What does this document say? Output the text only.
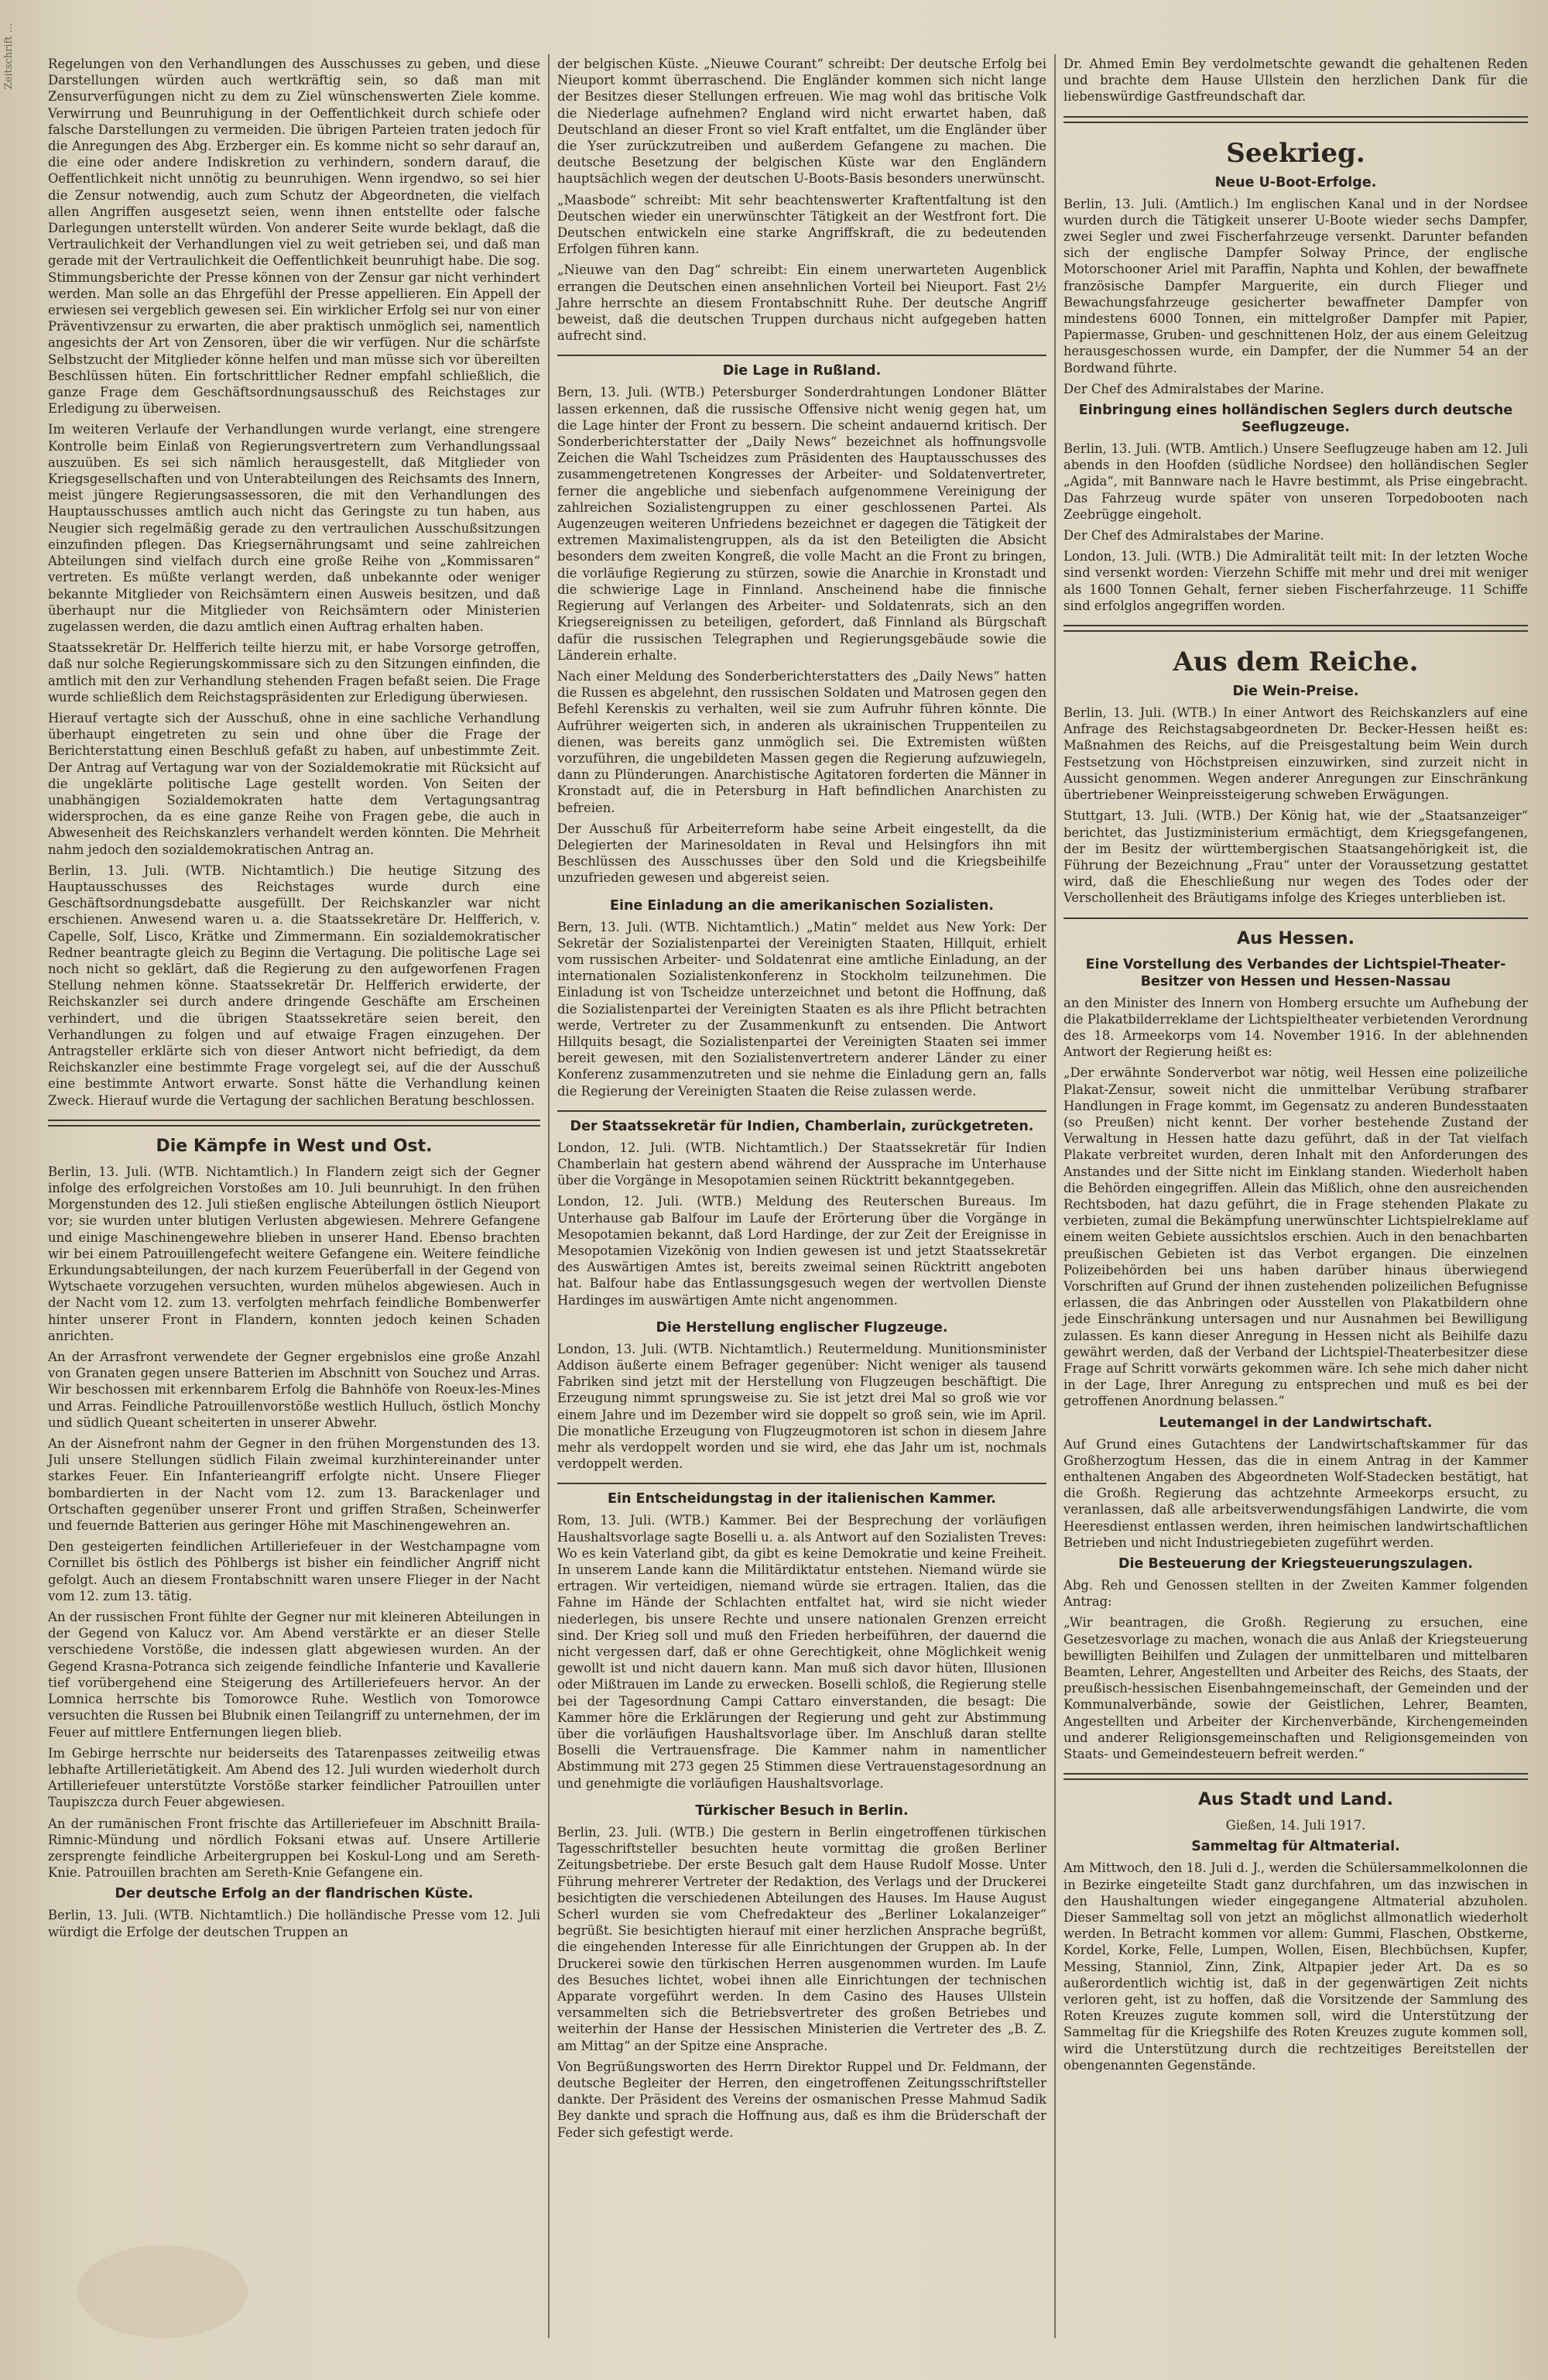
Zeitschrift ...	Regelungen von den Verhandlungen des Ausschusses zu geben, und diese Darstellungen würden auch wertkräftig sein, so daß man mit Zensurverfügungen nicht zu dem zu Ziel wünschenswerten Ziele komme. Verwirrung und Beunruhigung in der Oeffentlichkeit durch schiefe oder falsche Darstellungen zu vermeiden. Die übrigen Parteien traten jedoch für die Anregungen des Abg. Erzberger ein. Es komme nicht so sehr darauf an, die eine oder andere Indiskretion zu verhindern, sondern darauf, die Oeffentlichkeit nicht unnötig zu beunruhigen. Wenn irgendwo, so sei hier die Zensur notwendig, auch zum Schutz der Abgeordneten, die vielfach allen Angriffen ausgesetzt seien, wenn ihnen entstellte oder falsche Darlegungen unterstellt würden. Von anderer Seite wurde beklagt, daß die Vertraulichkeit der Verhandlungen viel zu weit getrieben sei, und daß man gerade mit der Vertraulichkeit die Oeffentlichkeit beunruhigt habe. Die sog. Stimmungsberichte der Presse können von der Zensur gar nicht verhindert werden. Man solle an das Ehrgefühl der Presse appellieren. Ein Appell der erwiesen sei vergeblich gewesen sei. Ein wirklicher Erfolg sei nur von einer Präventivzensur zu erwarten, die aber praktisch unmöglich sei, namentlich angesichts der Art von Zensoren, über die wir verfügen. Nur die schärfste Selbstzucht der Mitglieder könne helfen und man müsse sich vor übereilten Beschlüssen hüten. Ein fortschrittlicher Redner empfahl schließlich, die ganze Frage dem Geschäftsordnungsausschuß des Reichstages zur Erledigung zu überweisen.

Im weiteren Verlaufe der Verhandlungen wurde verlangt, eine strengere Kontrolle beim Einlaß von Regierungsvertretern zum Verhandlungssaal auszuüben. Es sei sich nämlich herausgestellt, daß Mitglieder von Kriegsgesellschaften und von Unterabteilungen des Reichsamts des Innern, meist jüngere Regierungsassessoren, die mit den Verhandlungen des Hauptausschusses amtlich auch nicht das Geringste zu tun haben, aus Neugier sich regelmäßig gerade zu den vertraulichen Ausschußsitzungen einzufinden pflegen. Das Kriegsernährungsamt und seine zahlreichen Abteilungen sind vielfach durch eine große Reihe von „Kommissaren“ vertreten. Es müßte verlangt werden, daß unbekannte oder weniger bekannte Mitglieder von Reichsämtern einen Ausweis besitzen, und daß überhaupt nur die Mitglieder von Reichsämtern oder Ministerien zugelassen werden, die dazu amtlich einen Auftrag erhalten haben.

Staatssekretär Dr. Helfferich teilte hierzu mit, er habe Vorsorge getroffen, daß nur solche Regierungskommissare sich zu den Sitzungen einfinden, die amtlich mit den zur Verhandlung stehenden Fragen befaßt seien. Die Frage wurde schließlich dem Reichstagspräsidenten zur Erledigung überwiesen.

Hierauf vertagte sich der Ausschuß, ohne in eine sachliche Verhandlung überhaupt eingetreten zu sein und ohne über die Frage der Berichterstattung einen Beschluß gefaßt zu haben, auf unbestimmte Zeit. Der Antrag auf Vertagung war von der Sozialdemokratie mit Rücksicht auf die ungeklärte politische Lage gestellt worden. Von Seiten der unabhängigen Sozialdemokraten hatte dem Vertagungsantrag widersprochen, da es eine ganze Reihe von Fragen gebe, die auch in Abwesenheit des Reichskanzlers verhandelt werden könnten. Die Mehrheit nahm jedoch den sozialdemokratischen Antrag an.

Berlin, 13. Juli. (WTB. Nichtamtlich.) Die heutige Sitzung des Hauptausschusses des Reichstages wurde durch eine Geschäftsordnungsdebatte ausgefüllt. Der Reichskanzler war nicht erschienen. Anwesend waren u. a. die Staatssekretäre Dr. Helfferich, v. Capelle, Solf, Lisco, Krätke und Zimmermann. Ein sozialdemokratischer Redner beantragte gleich zu Beginn die Vertagung. Die politische Lage sei noch nicht so geklärt, daß die Regierung zu den aufgeworfenen Fragen Stellung nehmen könne. Staatssekretär Dr. Helfferich erwiderte, der Reichskanzler sei durch andere dringende Geschäfte am Erscheinen verhindert, und die übrigen Staatssekretäre seien bereit, den Verhandlungen zu folgen und auf etwaige Fragen einzugehen. Der Antragsteller erklärte sich von dieser Antwort nicht befriedigt, da dem Reichskanzler eine bestimmte Frage vorgelegt sei, auf die der Ausschuß eine bestimmte Antwort erwarte. Sonst hätte die Verhandlung keinen Zweck. Hierauf wurde die Vertagung der sachlichen Beratung beschlossen.

Die Kämpfe in West und Ost.

Berlin, 13. Juli. (WTB. Nichtamtlich.) In Flandern zeigt sich der Gegner infolge des erfolgreichen Vorstoßes am 10. Juli beunruhigt. In den frühen Morgenstunden des 12. Juli stießen englische Abteilungen östlich Nieuport vor; sie wurden unter blutigen Verlusten abgewiesen. Mehrere Gefangene und einige Maschinengewehre blieben in unserer Hand. Ebenso brachten wir bei einem Patrouillengefecht weitere Gefangene ein. Weitere feindliche Erkundungsabteilungen, der nach kurzem Feuerüberfall in der Gegend von Wytschaete vorzugehen versuchten, wurden mühelos abgewiesen. Auch in der Nacht vom 12. zum 13. verfolgten mehrfach feindliche Bombenwerfer hinter unserer Front in Flandern, konnten jedoch keinen Schaden anrichten.

An der Arrasfront verwendete der Gegner ergebnislos eine große Anzahl von Granaten gegen unsere Batterien im Abschnitt von Souchez und Arras. Wir beschossen mit erkennbarem Erfolg die Bahnhöfe von Roeux-les-Mines und Arras. Feindliche Patrouillenvorstöße westlich Hulluch, östlich Monchy und südlich Queant scheiterten in unserer Abwehr.

An der Aisnefront nahm der Gegner in den frühen Morgenstunden des 13. Juli unsere Stellungen südlich Filain zweimal kurzhintereinander unter starkes Feuer. Ein Infanterieangriff erfolgte nicht. Unsere Flieger bombardierten in der Nacht vom 12. zum 13. Barackenlager und Ortschaften gegenüber unserer Front und griffen Straßen, Scheinwerfer und feuernde Batterien aus geringer Höhe mit Maschinengewehren an.

Den gesteigerten feindlichen Artilleriefeuer in der Westchampagne vom Cornillet bis östlich des Pöhlbergs ist bisher ein feindlicher Angriff nicht gefolgt. Auch an diesem Frontabschnitt waren unsere Flieger in der Nacht vom 12. zum 13. tätig.

An der russischen Front fühlte der Gegner nur mit kleineren Abteilungen in der Gegend von Kalucz vor. Am Abend verstärkte er an dieser Stelle verschiedene Vorstöße, die indessen glatt abgewiesen wurden. An der Gegend Krasna-Potranca sich zeigende feindliche Infanterie und Kavallerie tief vorübergehend eine Steigerung des Artilleriefeuers hervor. An der Lomnica herrschte bis Tomorowce Ruhe. Westlich von Tomorowce versuchten die Russen bei Blubnik einen Teilangriff zu unternehmen, der im Feuer auf mittlere Entfernungen liegen blieb.

Im Gebirge herrschte nur beiderseits des Tatarenpasses zeitweilig etwas lebhafte Artillerietätigkeit. Am Abend des 12. Juli wurden wiederholt durch Artilleriefeuer unterstützte Vorstöße starker feindlicher Patrouillen unter Taupiszcza durch Feuer abgewiesen.

An der rumänischen Front frischte das Artilleriefeuer im Abschnitt Braila-Rimnic-Mündung und nördlich Foksani etwas auf. Unsere Artillerie zersprengte feindliche Arbeitergruppen bei Koskul-Long und am Sereth-Knie. Patrouillen brachten am Sereth-Knie Gefangene ein.

Der deutsche Erfolg an der flandrischen Küste.

Berlin, 13. Juli. (WTB. Nichtamtlich.) Die holländische Presse vom 12. Juli würdigt die Erfolge der deutschen Truppen an

der belgischen Küste. „Nieuwe Courant“ schreibt: Der deutsche Erfolg bei Nieuport kommt überraschend. Die Engländer kommen sich nicht lange der Besitzes dieser Stellungen erfreuen. Wie mag wohl das britische Volk die Niederlage aufnehmen? England wird nicht erwartet haben, daß Deutschland an dieser Front so viel Kraft entfaltet, um die Engländer über die Yser zurückzutreiben und außerdem Gefangene zu machen. Die deutsche Besetzung der belgischen Küste war den Engländern hauptsächlich wegen der deutschen U-Boots-Basis besonders unerwünscht.

„Maasbode“ schreibt: Mit sehr beachtenswerter Kraftentfaltung ist den Deutschen wieder ein unerwünschter Tätigkeit an der Westfront fort. Die Deutschen entwickeln eine starke Angriffskraft, die zu bedeutenden Erfolgen führen kann.

„Nieuwe van den Dag“ schreibt: Ein einem unerwarteten Augenblick errangen die Deutschen einen ansehnlichen Vorteil bei Nieuport. Fast 2½ Jahre herrschte an diesem Frontabschnitt Ruhe. Der deutsche Angriff beweist, daß die deutschen Truppen durchaus nicht aufgegeben hatten aufrecht sind.

Die Lage in Rußland.

Bern, 13. Juli. (WTB.) Petersburger Sonderdrahtungen Londoner Blätter lassen erkennen, daß die russische Offensive nicht wenig gegen hat, um die Lage hinter der Front zu bessern. Die scheint andauernd kritisch. Der Sonderberichterstatter der „Daily News“ bezeichnet als hoffnungsvolle Zeichen die Wahl Tscheidzes zum Präsidenten des Hauptausschusses des zusammengetretenen Kongresses der Arbeiter- und Soldatenvertreter, ferner die angebliche und siebenfach aufgenommene Vereinigung der zahlreichen Sozialistengruppen zu einer geschlossenen Partei. Als Augenzeugen weiteren Unfriedens bezeichnet er dagegen die Tätigkeit der extremen Maximalistengruppen, als da ist den Beteiligten die Absicht besonders dem zweiten Kongreß, die volle Macht an die Front zu bringen, die vorläufige Regierung zu stürzen, sowie die Anarchie in Kronstadt und die schwierige Lage in Finnland. Anscheinend habe die finnische Regierung auf Verlangen des Arbeiter- und Soldatenrats, sich an den Kriegsereignissen zu beteiligen, gefordert, daß Finnland als Bürgschaft dafür die russischen Telegraphen und Regierungsgebäude sowie die Länderein erhalte.

Nach einer Meldung des Sonderberichterstatters des „Daily News“ hatten die Russen es abgelehnt, den russischen Soldaten und Matrosen gegen den Befehl Kerenskis zu verhalten, weil sie zum Aufruhr führen könnte. Die Aufrührer weigerten sich, in anderen als ukrainischen Truppenteilen zu dienen, was bereits ganz unmöglich sei. Die Extremisten wüßten vorzuführen, die ungebildeten Massen gegen die Regierung aufzuwiegeln, dann zu Plünderungen. Anarchistische Agitatoren forderten die Männer in Kronstadt auf, die in Petersburg in Haft befindlichen Anarchisten zu befreien.

Der Ausschuß für Arbeiterreform habe seine Arbeit eingestellt, da die Delegierten der Marinesoldaten in Reval und Helsingfors ihn mit Beschlüssen des Ausschusses über den Sold und die Kriegsbeihilfe unzufrieden gewesen und abgereist seien.

Eine Einladung an die amerikanischen Sozialisten.

Bern, 13. Juli. (WTB. Nichtamtlich.) „Matin“ meldet aus New York: Der Sekretär der Sozialistenpartei der Vereinigten Staaten, Hillquit, erhielt vom russischen Arbeiter- und Soldatenrat eine amtliche Einladung, an der internationalen Sozialistenkonferenz in Stockholm teilzunehmen. Die Einladung ist von Tscheidze unterzeichnet und betont die Hoffnung, daß die Sozialistenpartei der Vereinigten Staaten es als ihre Pflicht betrachten werde, Vertreter zu der Zusammenkunft zu entsenden. Die Antwort Hillquits besagt, die Sozialistenpartei der Vereinigten Staaten sei immer bereit gewesen, mit den Sozialistenvertretern anderer Länder zu einer Konferenz zusammenzutreten und sie nehme die Einladung gern an, falls die Regierung der Vereinigten Staaten die Reise zulassen werde.

Der Staatssekretär für Indien, Chamberlain, zurückgetreten.

London, 12. Juli. (WTB. Nichtamtlich.) Der Staatssekretär für Indien Chamberlain hat gestern abend während der Aussprache im Unterhause über die Vorgänge in Mesopotamien seinen Rücktritt bekanntgegeben.

London, 12. Juli. (WTB.) Meldung des Reuterschen Bureaus. Im Unterhause gab Balfour im Laufe der Erörterung über die Vorgänge in Mesopotamien bekannt, daß Lord Hardinge, der zur Zeit der Ereignisse in Mesopotamien Vizekönig von Indien gewesen ist und jetzt Staatssekretär des Auswärtigen Amtes ist, bereits zweimal seinen Rücktritt angeboten hat. Balfour habe das Entlassungsgesuch wegen der wertvollen Dienste Hardinges im auswärtigen Amte nicht angenommen.

Die Herstellung englischer Flugzeuge.

London, 13. Juli. (WTB. Nichtamtlich.) Reutermeldung. Munitionsminister Addison äußerte einem Befrager gegenüber: Nicht weniger als tausend Fabriken sind jetzt mit der Herstellung von Flugzeugen beschäftigt. Die Erzeugung nimmt sprungsweise zu. Sie ist jetzt drei Mal so groß wie vor einem Jahre und im Dezember wird sie doppelt so groß sein, wie im April. Die monatliche Erzeugung von Flugzeugmotoren ist schon in diesem Jahre mehr als verdoppelt worden und sie wird, ehe das Jahr um ist, nochmals verdoppelt werden.

Ein Entscheidungstag in der italienischen Kammer.

Rom, 13. Juli. (WTB.) Kammer. Bei der Besprechung der vorläufigen Haushaltsvorlage sagte Boselli u. a. als Antwort auf den Sozialisten Treves: Wo es kein Vaterland gibt, da gibt es keine Demokratie und keine Freiheit. In unserem Lande kann die Militärdiktatur entstehen. Niemand würde sie ertragen. Wir verteidigen, niemand würde sie ertragen. Italien, das die Fahne im Hände der Schlachten entfaltet hat, wird sie nicht wieder niederlegen, bis unsere Rechte und unsere nationalen Grenzen erreicht sind. Der Krieg soll und muß den Frieden herbeiführen, der dauernd die nicht vergessen darf, daß er ohne Gerechtigkeit, ohne Möglichkeit wenig gewollt ist und nicht dauern kann. Man muß sich davor hüten, Illusionen oder Mißtrauen im Lande zu erwecken. Boselli schloß, die Regierung stelle bei der Tagesordnung Campi Cattaro einverstanden, die besagt: Die Kammer höre die Erklärungen der Regierung und geht zur Abstimmung über die vorläufigen Haushaltsvorlage über. Im Anschluß daran stellte Boselli die Vertrauensfrage. Die Kammer nahm in namentlicher Abstimmung mit 273 gegen 25 Stimmen diese Vertrauenstagesordnung an und genehmigte die vorläufigen Haushaltsvorlage.

Türkischer Besuch in Berlin.

Berlin, 23. Juli. (WTB.) Die gestern in Berlin eingetroffenen türkischen Tagesschriftsteller besuchten heute vormittag die großen Berliner Zeitungsbetriebe. Der erste Besuch galt dem Hause Rudolf Mosse. Unter Führung mehrerer Vertreter der Redaktion, des Verlags und der Druckerei besichtigten die verschiedenen Abteilungen des Hauses. Im Hause August Scherl wurden sie vom Chefredakteur des „Berliner Lokalanzeiger“ begrüßt. Sie besichtigten hierauf mit einer herzlichen Ansprache begrüßt, die eingehenden Interesse für alle Einrichtungen der Gruppen ab. In der Druckerei sowie den türkischen Herren ausgenommen wurden. Im Laufe des Besuches lichtet, wobei ihnen alle Einrichtungen der technischen Apparate vorgeführt werden. In dem Casino des Hauses Ullstein versammelten sich die Betriebsvertreter des großen Betriebes und weiterhin der Hanse der Hessischen Ministerien die Vertreter des „B. Z. am Mittag“ an der Spitze eine Ansprache.

Von Begrüßungsworten des Herrn Direktor Ruppel und Dr. Feldmann, der deutsche Begleiter der Herren, den eingetroffenen Zeitungsschriftsteller dankte. Der Präsident des Vereins der osmanischen Presse Mahmud Sadik Bey dankte und sprach die Hoffnung aus, daß es ihm die Brüderschaft der Feder sich gefestigt werde.

Dr. Ahmed Emin Bey verdolmetschte gewandt die gehaltenen Reden und brachte dem Hause Ullstein den herzlichen Dank für die liebenswürdige Gastfreundschaft dar.

Seekrieg.
Neue U-Boot-Erfolge.

Berlin, 13. Juli. (Amtlich.) Im englischen Kanal und in der Nordsee wurden durch die Tätigkeit unserer U-Boote wieder sechs Dampfer, zwei Segler und zwei Fischerfahrzeuge versenkt. Darunter befanden sich der englische Dampfer Solway Prince, der englische Motorschooner Ariel mit Paraffin, Naphta und Kohlen, der bewaffnete französische Dampfer Marguerite, ein durch Flieger und Bewachungsfahrzeuge gesicherter bewaffneter Dampfer von mindestens 6000 Tonnen, ein mittelgroßer Dampfer mit Papier, Papiermasse, Gruben- und geschnittenen Holz, der aus einem Geleitzug herausgeschossen wurde, ein Dampfer, der die Nummer 54 an der Bordwand führte.

Der Chef des Admiralstabes der Marine.

Einbringung eines holländischen Seglers durch deutsche Seeflugzeuge.

Berlin, 13. Juli. (WTB. Amtlich.) Unsere Seeflugzeuge haben am 12. Juli abends in den Hoofden (südliche Nordsee) den holländischen Segler „Agida“, mit Bannware nach le Havre bestimmt, als Prise eingebracht. Das Fahrzeug wurde später von unseren Torpedobooten nach Zeebrügge eingeholt.

Der Chef des Admiralstabes der Marine.

London, 13. Juli. (WTB.) Die Admiralität teilt mit: In der letzten Woche sind versenkt worden: Vierzehn Schiffe mit mehr und drei mit weniger als 1600 Tonnen Gehalt, ferner sieben Fischerfahrzeuge. 11 Schiffe sind erfolglos angegriffen worden.

Aus dem Reiche.
Die Wein-Preise.

Berlin, 13. Juli. (WTB.) In einer Antwort des Reichskanzlers auf eine Anfrage des Reichstagsabgeordneten Dr. Becker-Hessen heißt es: Maßnahmen des Reichs, auf die Preisgestaltung beim Wein durch Festsetzung von Höchstpreisen einzuwirken, sind zurzeit nicht in Aussicht genommen. Wegen anderer Anregungen zur Einschränkung übertriebener Weinpreissteigerung schweben Erwägungen.

Stuttgart, 13. Juli. (WTB.) Der König hat, wie der „Staatsanzeiger“ berichtet, das Justizministerium ermächtigt, dem Kriegsgefangenen, der im Besitz der württembergischen Staatsangehörigkeit ist, die Führung der Bezeichnung „Frau“ unter der Voraussetzung gestattet wird, daß die Eheschließung nur wegen des Todes oder der Verschollenheit des Bräutigams infolge des Krieges unterblieben ist.

Aus Hessen.
Eine Vorstellung des Verbandes der Lichtspiel-Theater-Besitzer von Hessen und Hessen-Nassau

an den Minister des Innern von Homberg ersuchte um Aufhebung der die Plakatbilderreklame der Lichtspieltheater verbietenden Verordnung des 18. Armeekorps vom 14. November 1916. In der ablehnenden Antwort der Regierung heißt es:

„Der erwähnte Sonderverbot war nötig, weil Hessen eine polizeiliche Plakat-Zensur, soweit nicht die unmittelbar Verübung strafbarer Handlungen in Frage kommt, im Gegensatz zu anderen Bundesstaaten (so Preußen) nicht kennt. Der vorher bestehende Zustand der Verwaltung in Hessen hatte dazu geführt, daß in der Tat vielfach Plakate verbreitet wurden, deren Inhalt mit den Anforderungen des Anstandes und der Sitte nicht im Einklang standen. Wiederholt haben die Behörden eingegriffen. Allein das Mißlich, ohne den ausreichenden Rechtsboden, hat dazu geführt, die in Frage stehenden Plakate zu verbieten, zumal die Bekämpfung unerwünschter Lichtspielreklame auf einem weiten Gebiete aussichtslos erschien. Auch in den benachbarten preußischen Gebieten ist das Verbot ergangen. Die einzelnen Polizeibehörden bei uns haben darüber hinaus überwiegend Vorschriften auf Grund der ihnen zustehenden polizeilichen Befugnisse erlassen, die das Anbringen oder Ausstellen von Plakatbildern ohne jede Einschränkung untersagen und nur Ausnahmen bei Bewilligung zulassen. Es kann dieser Anregung in Hessen nicht als Beihilfe dazu gewährt werden, daß der Verband der Lichtspiel-Theaterbesitzer diese Frage auf Schritt vorwärts gekommen wäre. Ich sehe mich daher nicht in der Lage, Ihrer Anregung zu entsprechen und muß es bei der getroffenen Anordnung belassen.“

Leutemangel in der Landwirtschaft.

Auf Grund eines Gutachtens der Landwirtschaftskammer für das Großherzogtum Hessen, das die in einem Antrag in der Kammer enthaltenen Angaben des Abgeordneten Wolf-Stadecken bestätigt, hat die Großh. Regierung das achtzehnte Armeekorps ersucht, zu veranlassen, daß alle arbeitsverwendungsfähigen Landwirte, die vom Heeresdienst entlassen werden, ihren heimischen landwirtschaftlichen Betrieben und nicht Industriegebieten zugeführt werden.

Die Besteuerung der Kriegsteuerungszulagen.

Abg. Reh und Genossen stellten in der Zweiten Kammer folgenden Antrag:

„Wir beantragen, die Großh. Regierung zu ersuchen, eine Gesetzesvorlage zu machen, wonach die aus Anlaß der Kriegsteuerung bewilligten Beihilfen und Zulagen der unmittelbaren und mittelbaren Beamten, Lehrer, Angestellten und Arbeiter des Reichs, des Staats, der preußisch-hessischen Eisenbahngemeinschaft, der Gemeinden und der Kommunalverbände, sowie der Geistlichen, Lehrer, Beamten, Angestellten und Arbeiter der Kirchenverbände, Kirchengemeinden und anderer Religionsgemeinschaften und Religionsgemeinden von Staats- und Gemeindesteuern befreit werden.“

Aus Stadt und Land.

Gießen, 14. Juli 1917.

Sammeltag für Altmaterial.

Am Mittwoch, den 18. Juli d. J., werden die Schülersammelkolonnen die in Bezirke eingeteilte Stadt ganz durchfahren, um das inzwischen in den Haushaltungen wieder eingegangene Altmaterial abzuholen. Dieser Sammeltag soll von jetzt an möglichst allmonatlich wiederholt werden. In Betracht kommen vor allem: Gummi, Flaschen, Obstkerne, Kordel, Korke, Felle, Lumpen, Wollen, Eisen, Blechbüchsen, Kupfer, Messing, Stanniol, Zinn, Zink, Altpapier jeder Art. Da es so außerordentlich wichtig ist, daß in der gegenwärtigen Zeit nichts verloren geht, ist zu hoffen, daß die Vorsitzende der Sammlung des Roten Kreuzes zugute kommen soll, wird die Unterstützung der Sammeltag für die Kriegshilfe des Roten Kreuzes zugute kommen soll, wird die Unterstützung durch die rechtzeitiges Bereitstellen der obengenannten Gegenstände.
